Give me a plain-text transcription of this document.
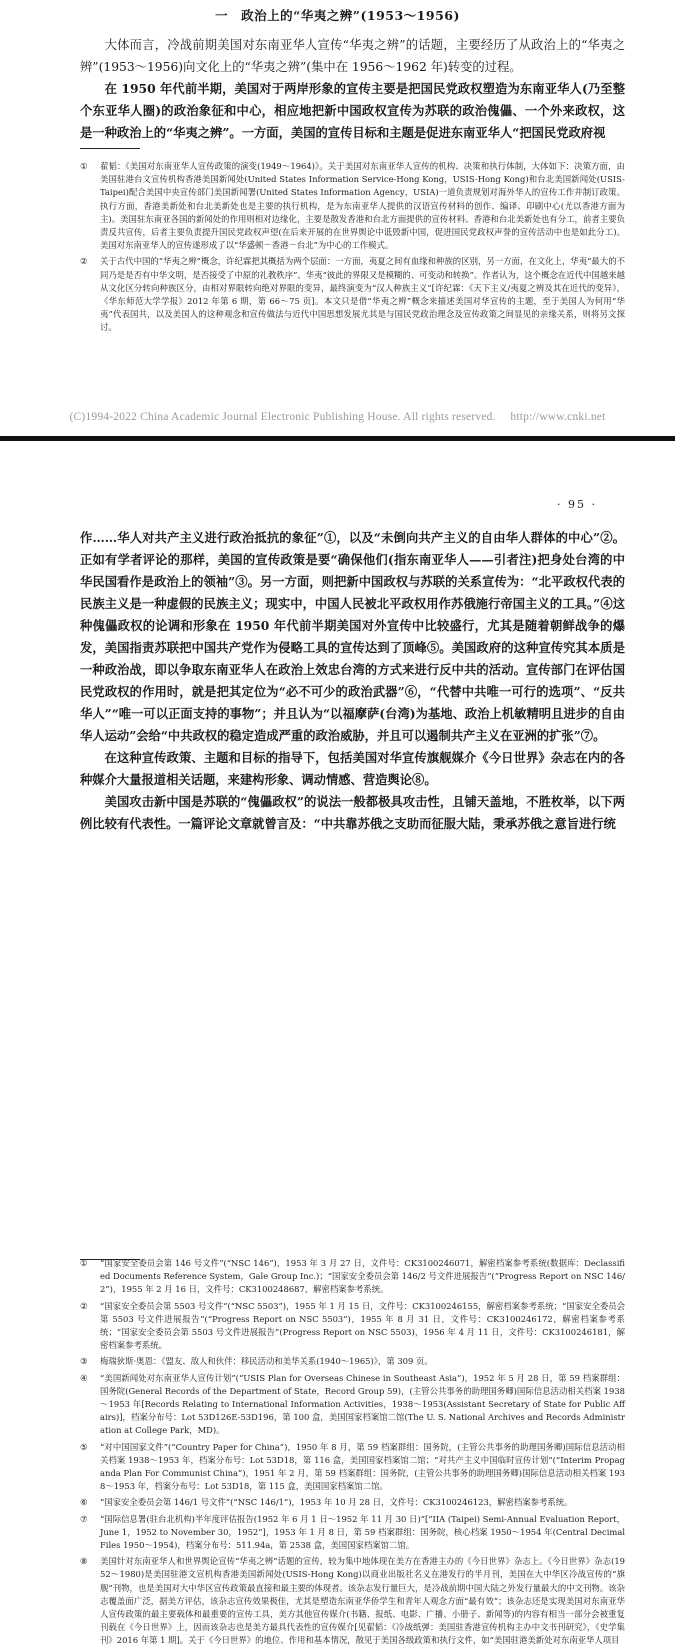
一　政治上的“华夷之辨”(1953～1956)

大体而言，冷战前期美国对东南亚华人宣传“华夷之辨”的话题，主要经历了从政治上的“华夷之辨”(1953～1956)向文化上的“华夷之辨”(集中在 1956～1962 年)转变的过程。

在 1950 年代前半期，美国对于两岸形象的宣传主要是把国民党政权塑造为东南亚华人(乃至整个东亚华人圈)的政治象征和中心，相应地把新中国政权宣传为苏联的政治傀儡、一个外来政权，这是一种政治上的“华夷之辨”。一方面，美国的宣传目标和主题是促进东南亚华人“把国民党政府视

①	翟韬：《美国对东南亚华人宣传政策的演变(1949～1964)》。关于美国对东南亚华人宣传的机构、决策和执行体制，大体如下：决策方面，由美国驻港台文宣传机构香港美国新闻处(United States Information Service-Hong Kong，USIS-Hong Kong)和台北美国新闻处(USIS-Taipei)配合美国中央宣传部门美国新闻署(United States Information Agency，USIA)一道负责规划对海外华人的宣传工作并制订政策。执行方面，香港美新处和台北美新处也是主要的执行机构，是为东南亚华人提供的汉语宣传材料的创作、编译、印刷中心(尤以香港方面为主)。美国驻东南亚各国的新闻处的作用则相对边缘化，主要是散发香港和台北方面提供的宣传材料。香港和台北美新处也有分工，前者主要负责反共宣传，后者主要负责提升国民党政权声望(在后来开展的在世界舆论中诋毁新中国，促进国民党政权声誉的宣传活动中也是如此分工)。美国对东南亚华人的宣传遂形成了以“华盛顿－香港－台北”为中心的工作模式。
②	关于古代中国的“华夷之辨”概念，许纪霖把其概括为两个层面：一方面，夷夏之间有血缘和种族的区别，另一方面，在文化上，华夷“最大的不同乃是是否有中华文明，是否接受了中原的礼教秩序”。华夷“彼此的界限又是模糊的、可变动和转换”。作者认为，这个概念在近代中国越来越从文化区分转向种族区分，由相对界限转向绝对界限的变异，最终演变为“汉人种族主义”[许纪霖：《天下主义/夷夏之辨及其在近代的变异》，《华东师范大学学报》2012 年第 6 期，第 66～75 页]。本文只是借“华夷之辨”概念来描述美国对华宣传的主题，至于美国人为何用“华夷”代表国共，以及美国人的这种观念和宣传做法与近代中国思想发展尤其是与国民党政治理念及宣传政策之间显见的亲缘关系，则将另文探讨。
(C)1994-2022 China Academic Journal Electronic Publishing House. All rights reserved.　 http://www.cnki.net
· 95 ·

作……华人对共产主义进行政治抵抗的象征”①，以及“未倒向共产主义的自由华人群体的中心”②。正如有学者评论的那样，美国的宣传政策是要“确保他们(指东南亚华人——引者注)把身处台湾的中华民国看作是政治上的领袖”③。另一方面，则把新中国政权与苏联的关系宣传为：“北平政权代表的民族主义是一种虚假的民族主义；现实中，中国人民被北平政权用作苏俄施行帝国主义的工具。”④这种傀儡政权的论调和形象在 1950 年代前半期美国对外宣传中比较盛行，尤其是随着朝鲜战争的爆发，美国指责苏联把中国共产党作为侵略工具的宣传达到了顶峰⑤。美国政府的这种宣传究其本质是一种政治战，即以争取东南亚华人在政治上效忠台湾的方式来进行反中共的活动。宣传部门在评估国民党政权的作用时，就是把其定位为“必不可少的政治武器”⑥，“代替中共唯一可行的选项”、“反共华人”“唯一可以正面支持的事物”；并且认为“以福摩萨(台湾)为基地、政治上机敏精明且进步的自由华人运动”会给“中共政权的稳定造成严重的政治威胁，并且可以遏制共产主义在亚洲的扩张”⑦。

在这种宣传政策、主题和目标的指导下，包括美国对华宣传旗舰媒介《今日世界》杂志在内的各种媒介大量报道相关话题，来建构形象、调动情感、营造舆论⑧。

美国攻击新中国是苏联的“傀儡政权”的说法一般都极具攻击性，且铺天盖地，不胜枚举，以下两例比较有代表性。一篇评论文章就曾言及：“中共靠苏俄之支助而征服大陆，秉承苏俄之意旨进行统

①	“国家安全委员会第 146 号文件”(“NSC 146”)，1953 年 3 月 27 日，文件号：CK3100246071，解密档案参考系统(数据库：Declassified Documents Reference System，Gale Group Inc.)；“国家安全委员会第 146/2 号文件进展报告”(“Progress Report on NSC 146/2”)，1955 年 2 月 16 日，文件号：CK3100248687，解密档案参考系统。
②	“国家安全委员会第 5503 号文件”(“NSC 5503”)，1955 年 1 月 15 日，文件号：CK3100246155，解密档案参考系统；“国家安全委员会第 5503 号文件进展报告”(“Progress Report on NSC 5503”)，1955 年 8 月 31 日，文件号：CK3100246172，解密档案参考系统；“国家安全委员会第 5503 号文件进展报告”(Progress Report on NSC 5503)，1956 年 4 月 11 日，文件号：CK3100246181，解密档案参考系统。
③	梅瑞狄斯·奥恩：《盟友、敌人和伙伴：移民活动和美华关系(1940～1965)》，第 309 页。
④	“美国新闻处对东南亚华人宣传计划”(“USIS Plan for Overseas Chinese in Southeast Asia”)，1952 年 5 月 28 日，第 59 档案群组：国务院(General Records of the Department of State，Record Group 59)，(主管公共事务的助理国务卿)国际信息活动相关档案 1938～1953 年[Records Relating to International Information Activities，1938～1953(Assistant Secretary of State for Public Affairs)]，档案分布号：Lot 53D126E-53D196，第 100 盒，美国国家档案馆二馆(The U. S. National Archives and Records Administration at College Park，MD)。
⑤	“对中国国家文件”(“Country Paper for China”)，1950 年 8 月，第 59 档案群组：国务院，(主管公共事务的助理国务卿)国际信息活动相关档案 1938～1953 年，档案分布号：Lot 53D18，第 116 盒，美国国家档案馆二馆；“对共产主义中国临时宣传计划”(“Interim Propaganda Plan For Communist China”)，1951 年 2 月，第 59 档案群组：国务院，(主管公共事务的助理国务卿)国际信息活动相关档案 1938～1953 年，档案分布号：Lot 53D18，第 115 盒，美国国家档案馆二馆。
⑥	“国家安全委员会第 146/1 号文件”(“NSC 146/1”)，1953 年 10 月 28 日，文件号：CK3100246123，解密档案参考系统。
⑦	“国际信息署(驻台北机构)半年度评估报告(1952 年 6 月 1 日～1952 年 11 月 30 日)”[“IIA (Taipei) Semi-Annual Evaluation Report，June 1，1952 to November 30，1952”]，1953 年 1 月 8 日，第 59 档案群组：国务院，核心档案 1950～1954 年(Central Decimal Files 1950～1954)，档案分布号：511.94a，第 2538 盒，美国国家档案馆二馆。
⑧	美国针对东南亚华人和世界舆论宣传“华夷之辨”话题的宣传，较为集中地体现在美方在香港主办的《今日世界》杂志上。《今日世界》杂志(1952～1980)是美国驻港文宣机构香港美国新闻处(USIS-Hong Kong)以商业出版社名义在港发行的半月刊，美国在大中华区冷战宣传的“旗舰”刊物，也是美国对大中华区宣传政策最直接和最主要的体现者。该杂志发行量巨大，是冷战前期中国大陆之外发行量最大的中文刊物。该杂志覆盖面广泛，据美方评估，该杂志宣传效果极佳，尤其是塑造东南亚华侨学生和青年人观念方面“最有效”；该杂志还是实现美国对东南亚华人宣传政策的最主要载体和最重要的宣传工具，美方其他宣传媒介(书籍、报纸、电影、广播、小册子、新闻等)的内容有相当一部分会被重复刊载在《今日世界》上，因而该杂志也是美方最具代表性的宣传媒介[见翟韬：《冷战纸弹：美国驻香港宣传机构主办中文书刊研究》，《史学集刊》2016 年第 1 期]。关于《今日世界》的地位、作用和基本情况，散见于美国各级政策和执行文件，如“美国驻港美新处对东南亚华人项目
